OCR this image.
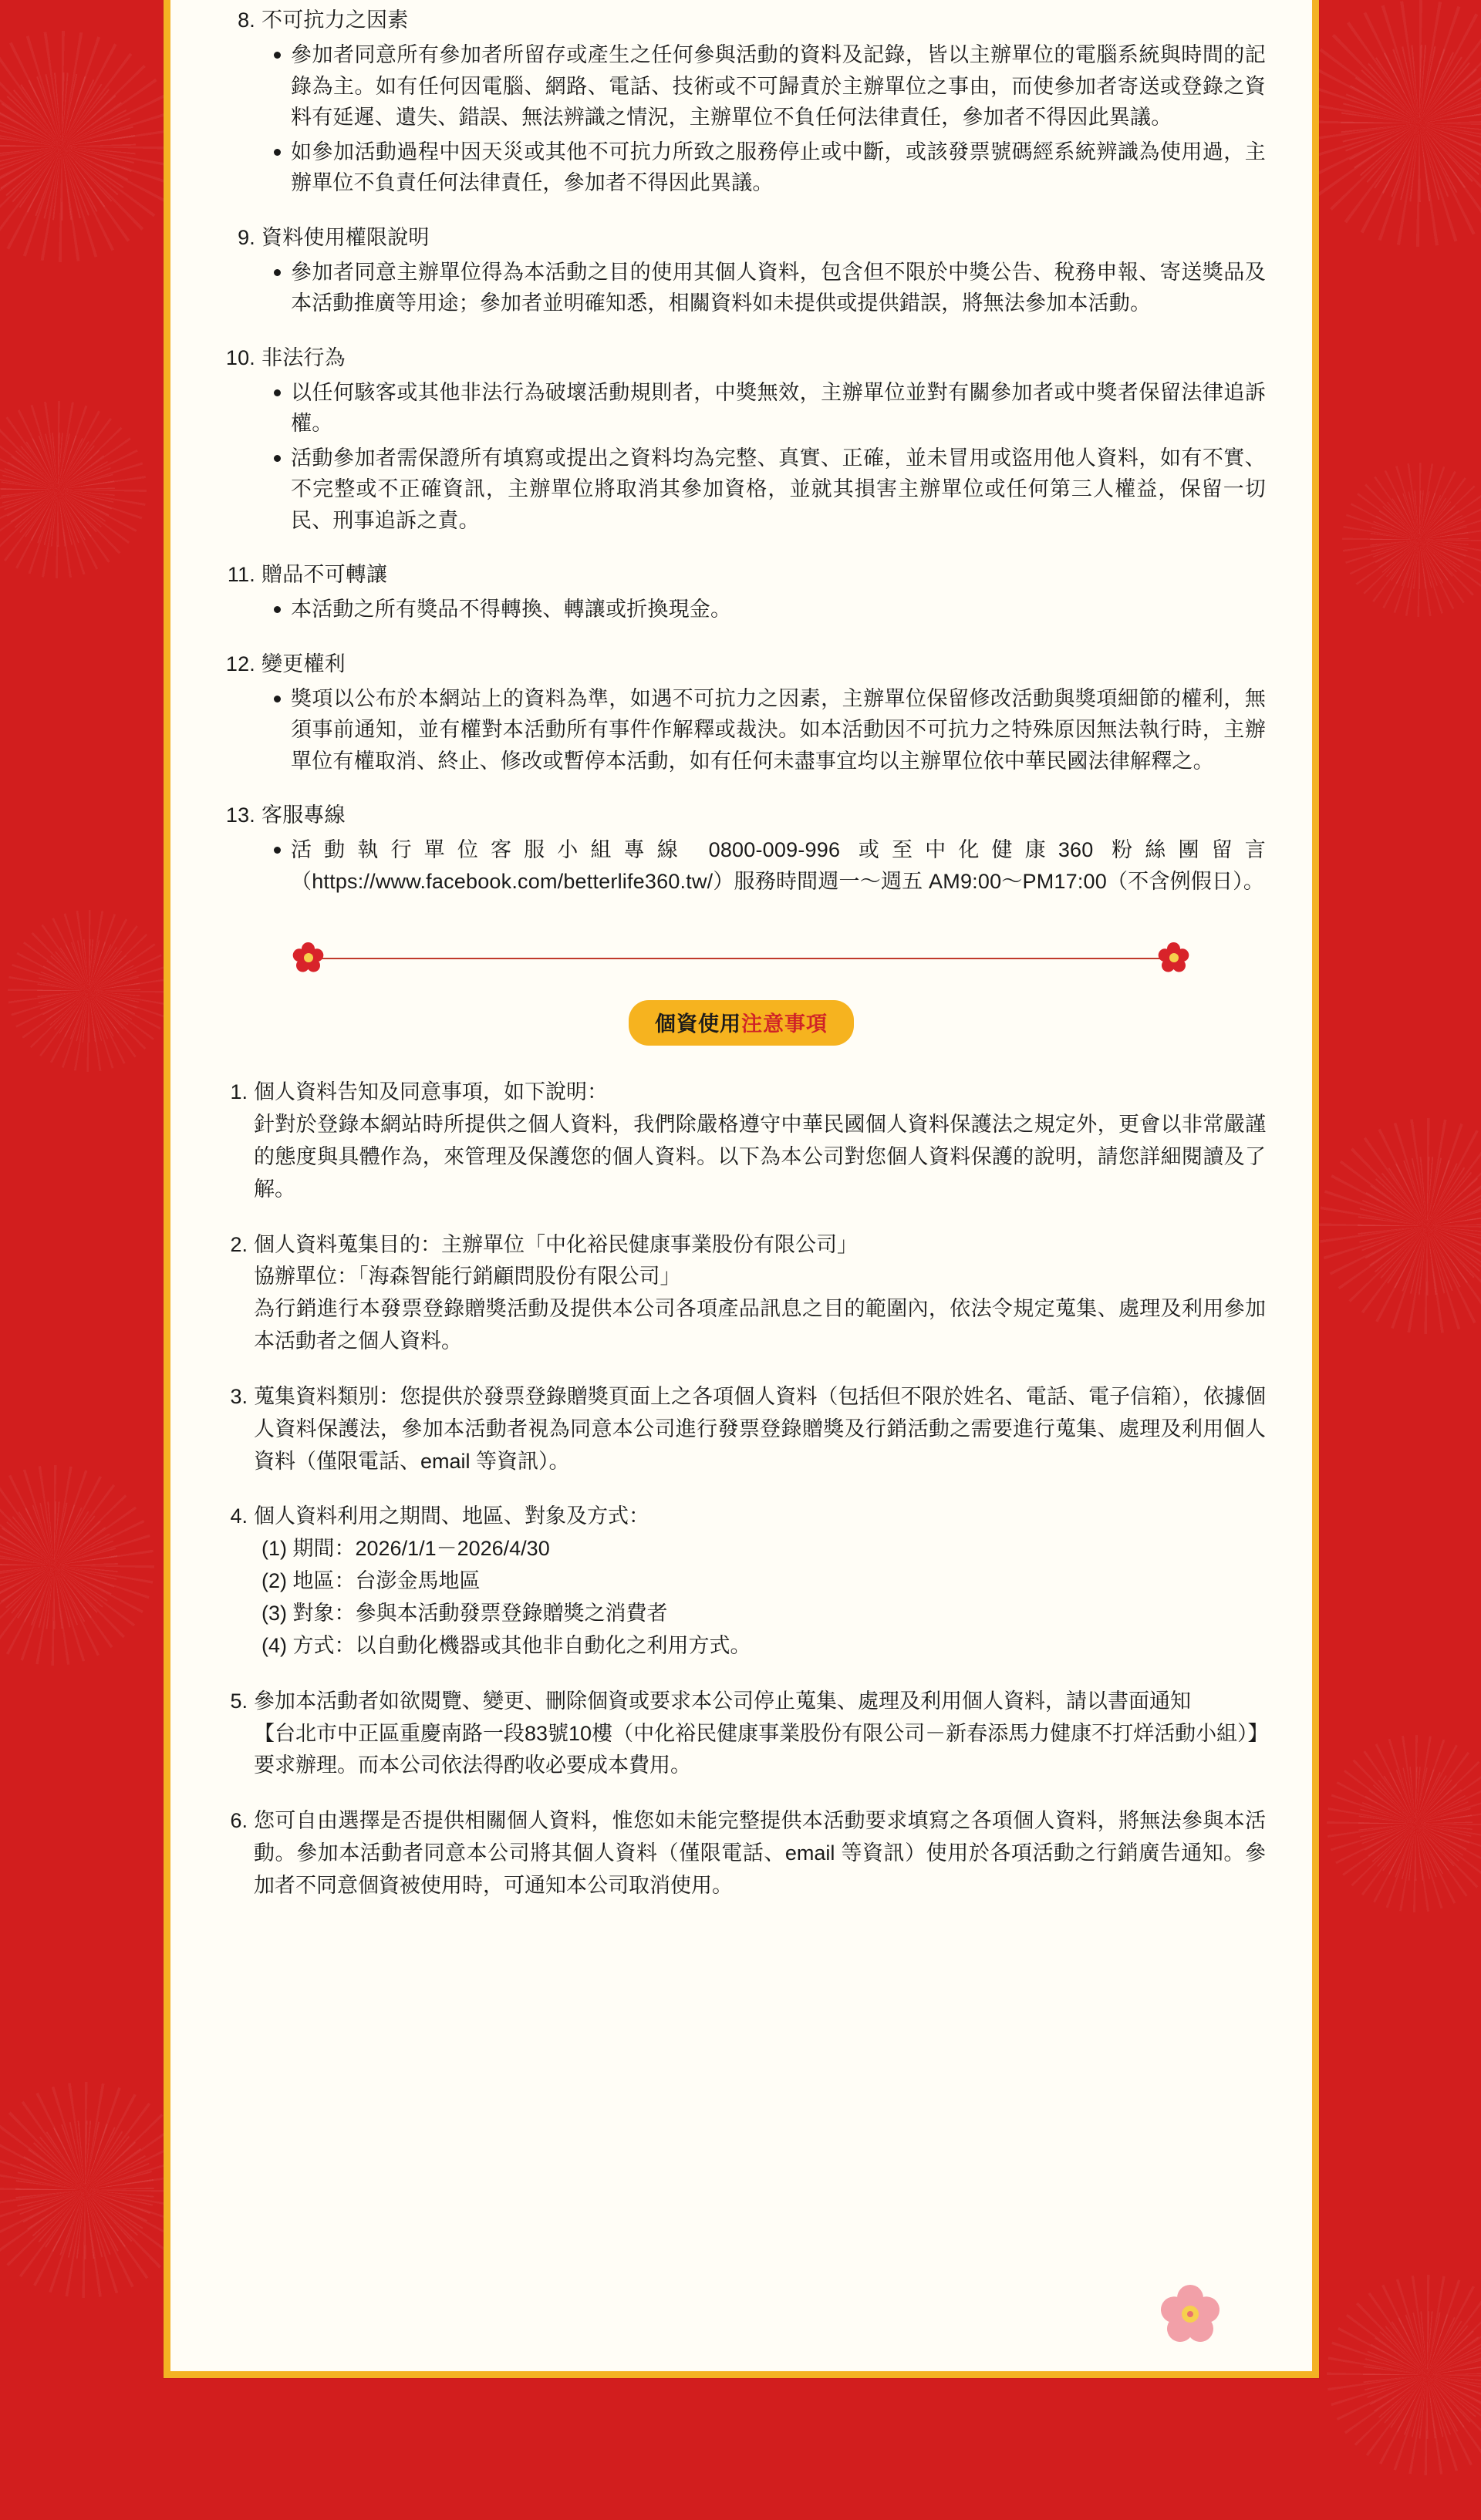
8. 不可抗力之因素
參加者同意所有參加者所留存或產生之任何參與活動的資料及記錄，皆以主辦單位的電腦系統與時間的記錄為主。如有任何因電腦、網路、電話、技術或不可歸責於主辦單位之事由，而使參加者寄送或登錄之資料有延遲、遺失、錯誤、無法辨識之情況，主辦單位不負任何法律責任，參加者不得因此異議。
如參加活動過程中因天災或其他不可抗力所致之服務停止或中斷，或該發票號碼經系統辨識為使用過，主辦單位不負責任何法律責任，參加者不得因此異議。
9. 資料使用權限說明
參加者同意主辦單位得為本活動之目的使用其個人資料，包含但不限於中獎公告、稅務申報、寄送獎品及本活動推廣等用途；參加者並明確知悉，相關資料如未提供或提供錯誤，將無法參加本活動。
10. 非法行為
以任何駭客或其他非法行為破壞活動規則者，中獎無效，主辦單位並對有關參加者或中獎者保留法律追訴權。
活動參加者需保證所有填寫或提出之資料均為完整、真實、正確，並未冒用或盜用他人資料，如有不實、不完整或不正確資訊，主辦單位將取消其參加資格，並就其損害主辦單位或任何第三人權益，保留一切民、刑事追訴之責。
11. 贈品不可轉讓
本活動之所有獎品不得轉換、轉讓或折換現金。
12. 變更權利
獎項以公布於本網站上的資料為準，如遇不可抗力之因素，主辦單位保留修改活動與獎項細節的權利，無須事前通知，並有權對本活動所有事件作解釋或裁決。如本活動因不可抗力之特殊原因無法執行時，主辦單位有權取消、終止、修改或暫停本活動，如有任何未盡事宜均以主辦單位依中華民國法律解釋之。
13. 客服專線
活動執行單位客服小組專線 0800-009-996 或至中化健康360 粉絲團留言（https://www.facebook.com/betterlife360.tw/）服務時間週一～週五 AM9:00～PM17:00（不含例假日）。
個資使用注意事項
1. 個人資料告知及同意事項，如下說明：

針對於登錄本網站時所提供之個人資料，我們除嚴格遵守中華民國個人資料保護法之規定外，更會以非常嚴謹的態度與具體作為，來管理及保護您的個人資料。以下為本公司對您個人資料保護的說明，請您詳細閱讀及了解。

2. 個人資料蒐集目的：主辦單位「中化裕民健康事業股份有限公司」

協辦單位：「海森智能行銷顧問股份有限公司」

為行銷進行本發票登錄贈獎活動及提供本公司各項產品訊息之目的範圍內，依法令規定蒐集、處理及利用參加本活動者之個人資料。

3. 蒐集資料類別：您提供於發票登錄贈獎頁面上之各項個人資料（包括但不限於姓名、電話、電子信箱），依據個人資料保護法，參加本活動者視為同意本公司進行發票登錄贈獎及行銷活動之需要進行蒐集、處理及利用個人資料（僅限電話、email 等資訊）。

4. 個人資料利用之期間、地區、對象及方式：

(1) 期間：2026/1/1－2026/4/30

(2) 地區：台澎金馬地區

(3) 對象：參與本活動發票登錄贈獎之消費者

(4) 方式：以自動化機器或其他非自動化之利用方式。

5. 參加本活動者如欲閱覽、變更、刪除個資或要求本公司停止蒐集、處理及利用個人資料，請以書面通知

【台北市中正區重慶南路一段83號10樓（中化裕民健康事業股份有限公司－新春添馬力健康不打烊活動小組）】

要求辦理。而本公司依法得酌收必要成本費用。

6. 您可自由選擇是否提供相關個人資料，惟您如未能完整提供本活動要求填寫之各項個人資料，將無法參與本活動。參加本活動者同意本公司將其個人資料（僅限電話、email 等資訊）使用於各項活動之行銷廣告通知。參加者不同意個資被使用時，可通知本公司取消使用。
